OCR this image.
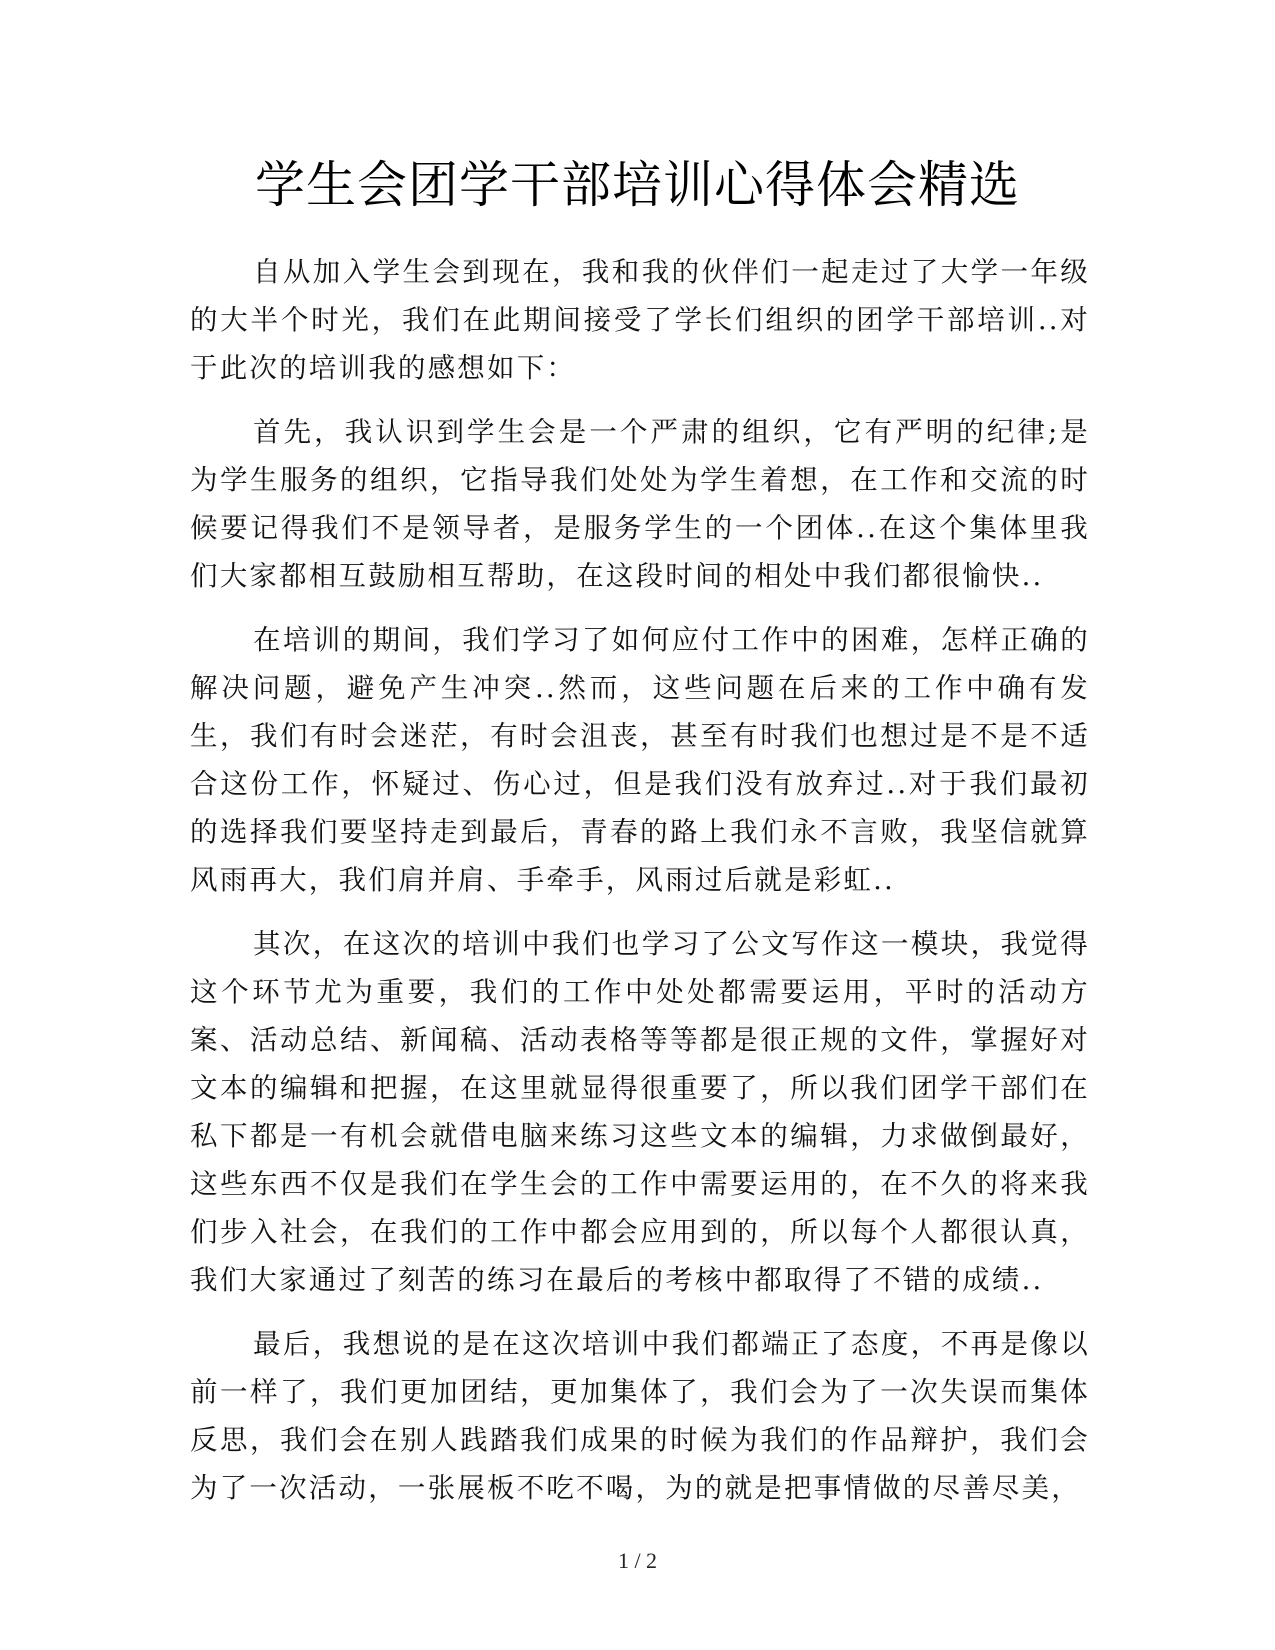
学生会团学干部培训心得体会精选

自从加入学生会到现在，我和我的伙伴们一起走过了大学一年级的大半个时光，我们在此期间接受了学长们组织的团学干部培训..对于此次的培训我的感想如下：

首先，我认识到学生会是一个严肃的组织，它有严明的纪律;是为学生服务的组织，它指导我们处处为学生着想，在工作和交流的时候要记得我们不是领导者，是服务学生的一个团体..在这个集体里我们大家都相互鼓励相互帮助，在这段时间的相处中我们都很愉快..

在培训的期间，我们学习了如何应付工作中的困难，怎样正确的解决问题，避免产生冲突..然而，这些问题在后来的工作中确有发生，我们有时会迷茫，有时会沮丧，甚至有时我们也想过是不是不适合这份工作，怀疑过、伤心过，但是我们没有放弃过..对于我们最初的选择我们要坚持走到最后，青春的路上我们永不言败，我坚信就算风雨再大，我们肩并肩、手牵手，风雨过后就是彩虹..

其次，在这次的培训中我们也学习了公文写作这一模块，我觉得这个环节尤为重要，我们的工作中处处都需要运用，平时的活动方案、活动总结、新闻稿、活动表格等等都是很正规的文件，掌握好对文本的编辑和把握，在这里就显得很重要了，所以我们团学干部们在私下都是一有机会就借电脑来练习这些文本的编辑，力求做倒最好，这些东西不仅是我们在学生会的工作中需要运用的，在不久的将来我们步入社会，在我们的工作中都会应用到的，所以每个人都很认真，我们大家通过了刻苦的练习在最后的考核中都取得了不错的成绩..

最后，我想说的是在这次培训中我们都端正了态度，不再是像以前一样了，我们更加团结，更加集体了，我们会为了一次失误而集体反思，我们会在别人践踏我们成果的时候为我们的作品辩护，我们会为了一次活动，一张展板不吃不喝，为的就是把事情做的尽善尽美，

1 / 2
